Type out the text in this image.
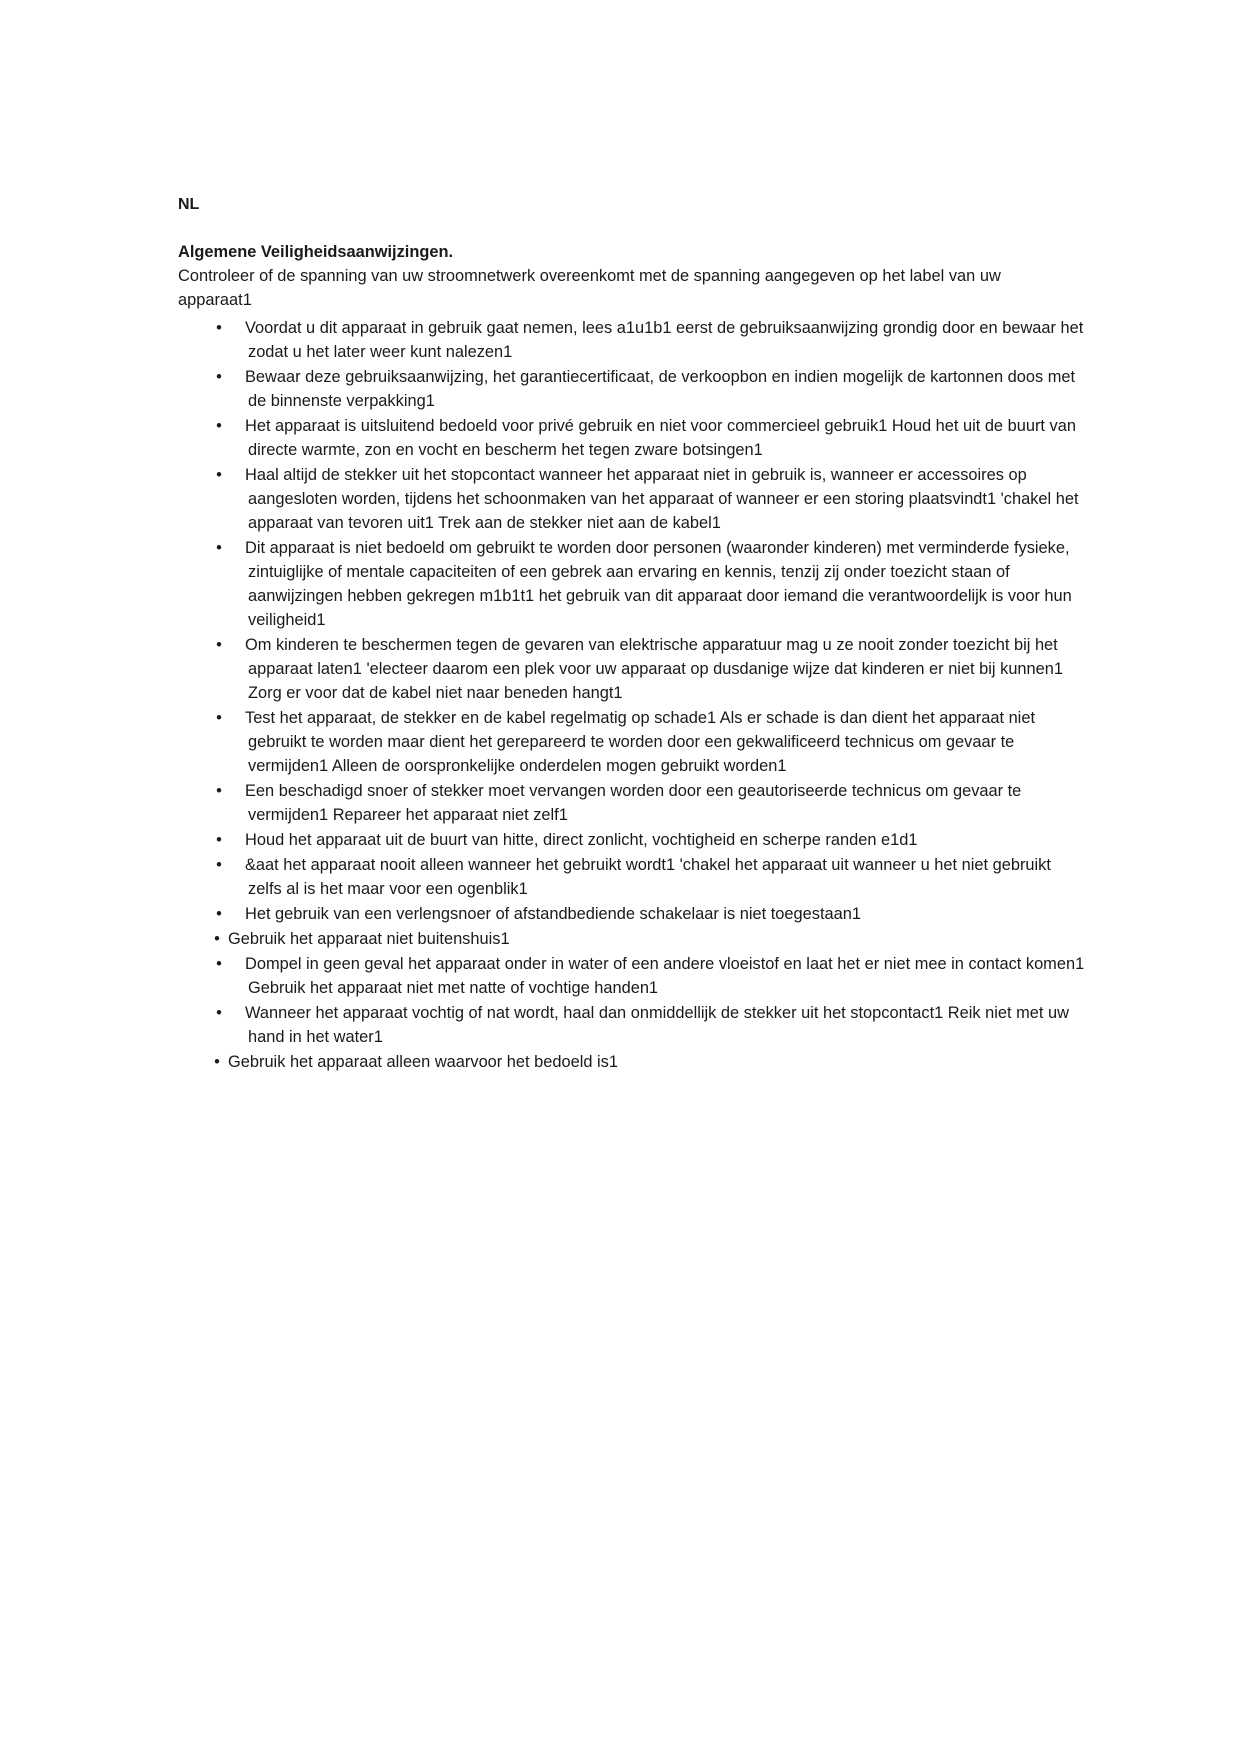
NL

Algemene Veiligheidsaanwijzingen.

Controleer of de spanning van uw stroomnetwerk overeenkomt met de spanning aangegeven op het label van uw apparaat1

• Voordat u dit apparaat in gebruik gaat nemen, lees a1u1b1 eerst de gebruiksaanwijzing grondig door en bewaar het zodat u het later weer kunt nalezen1
• Bewaar deze gebruiksaanwijzing, het garantiecertificaat, de verkoopbon en indien mogelijk de kartonnen doos met de binnenste verpakking1
• Het apparaat is uitsluitend bedoeld voor privé gebruik en niet voor commercieel gebruik1 Houd het uit de buurt van directe warmte, zon en vocht en bescherm het tegen zware botsingen1
• Haal altijd de stekker uit het stopcontact wanneer het apparaat niet in gebruik is, wanneer er accessoires op aangesloten worden, tijdens het schoonmaken van het apparaat of wanneer er een storing plaatsvindt1 'chakel het apparaat van tevoren uit1 Trek aan de stekker niet aan de kabel1
• Dit apparaat is niet bedoeld om gebruikt te worden door personen (waaronder kinderen) met verminderde fysieke, zintuiglijke of mentale capaciteiten of een gebrek aan ervaring en kennis, tenzij zij onder toezicht staan of aanwijzingen hebben gekregen m1b1t1 het gebruik van dit apparaat door iemand die verantwoordelijk is voor hun veiligheid1
• Om kinderen te beschermen tegen de gevaren van elektrische apparatuur mag u ze nooit zonder toezicht bij het apparaat laten1 'electeer daarom een plek voor uw apparaat op dusdanige wijze dat kinderen er niet bij kunnen1 Zorg er voor dat de kabel niet naar beneden hangt1
• Test het apparaat, de stekker en de kabel regelmatig op schade1 Als er schade is dan dient het apparaat niet gebruikt te worden maar dient het gerepareerd te worden door een gekwalificeerd technicus om gevaar te vermijden1 Alleen de oorspronkelijke onderdelen mogen gebruikt worden1
• Een beschadigd snoer of stekker moet vervangen worden door een geautoriseerde technicus om gevaar te vermijden1 Repareer het apparaat niet zelf1
• Houd het apparaat uit de buurt van hitte, direct zonlicht, vochtigheid en scherpe randen e1d1
• &aat het apparaat nooit alleen wanneer het gebruikt wordt1 'chakel het apparaat uit wanneer u het niet gebruikt zelfs al is het maar voor een ogenblik1
• Het gebruik van een verlengsnoer of afstandbediende schakelaar is niet toegestaan1
• Gebruik het apparaat niet buitenshuis1
• Dompel in geen geval het apparaat onder in water of een andere vloeistof en laat het er niet mee in contact komen1 Gebruik het apparaat niet met natte of vochtige handen1
• Wanneer het apparaat vochtig of nat wordt, haal dan onmiddellijk de stekker uit het stopcontact1 Reik niet met uw hand in het water1
• Gebruik het apparaat alleen waarvoor het bedoeld is1
